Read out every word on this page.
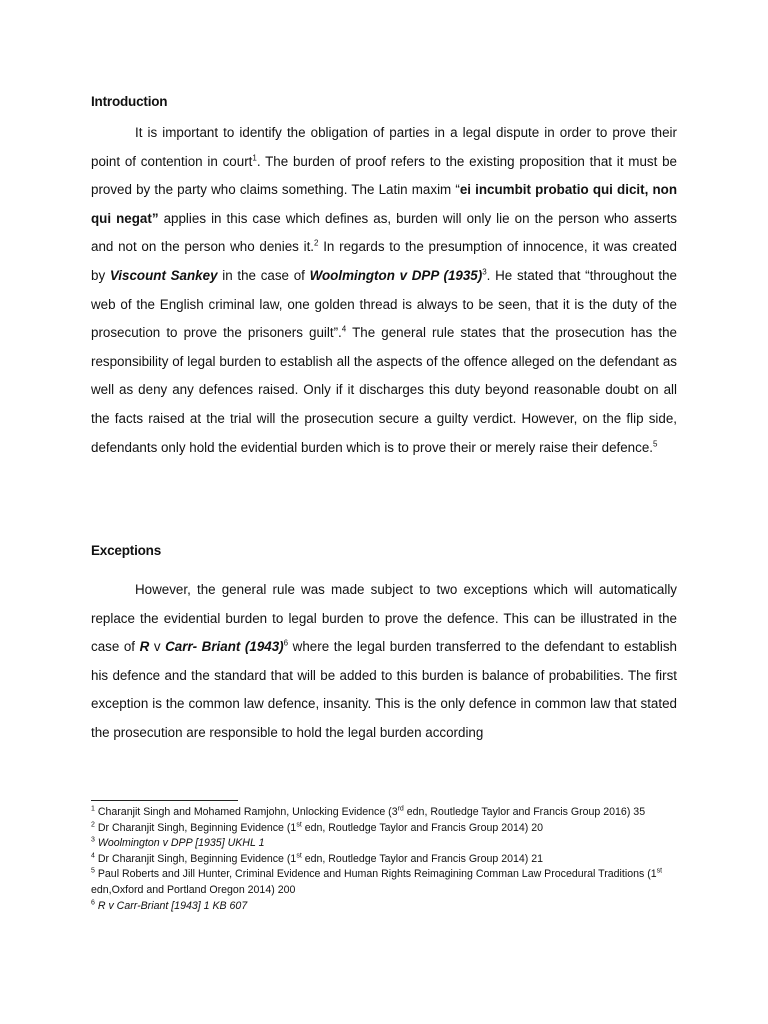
Introduction

It is important to identify the obligation of parties in a legal dispute in order to prove their point of contention in court$^1$. The burden of proof refers to the existing proposition that it must be proved by the party who claims something. The Latin maxim “ei incumbit probatio qui dicit, non qui negat” applies in this case which defines as, burden will only lie on the person who asserts and not on the person who denies it.$^2$ In regards to the presumption of innocence, it was created by Viscount Sankey in the case of Woolmington v DPP $(1935)^3$. He stated that “throughout the web of the English criminal law, one golden thread is always to be seen, that it is the duty of the prosecution to prove the prisoners guilt”.$^4$ The general rule states that the prosecution has the responsibility of legal burden to establish all the aspects of the offence alleged on the defendant as well as deny any defences raised. Only if it discharges this duty beyond reasonable doubt on all the facts raised at the trial will the prosecution secure a guilty verdict. However, on the flip side, defendants only hold the evidential burden which is to prove their or merely raise their defence.$^5$

Exceptions

However, the general rule was made subject to two exceptions which will automatically replace the evidential burden to legal burden to prove the defence. This can be illustrated in the case of R v Carr- Briant $(1943)^6$ where the legal burden transferred to the defendant to establish his defence and the standard that will be added to this burden is balance of probabilities. The first exception is the common law defence, insanity. This is the only defence in common law that stated the prosecution are responsible to hold the legal burden according

$^1$ Charanjit Singh and Mohamed Ramjohn, Unlocking Evidence (3rd edn, Routledge Taylor and Francis Group 2016) 35
$^2$ Dr Charanjit Singh, Beginning Evidence (1st edn, Routledge Taylor and Francis Group 2014) 20
$^3$ Woolmington v DPP [1935] UKHL 1
$^4$ Dr Charanjit Singh, Beginning Evidence (1st edn, Routledge Taylor and Francis Group 2014) 21
$^5$ Paul Roberts and Jill Hunter, Criminal Evidence and Human Rights Reimagining Comman Law Procedural Traditions (1st edn,Oxford and Portland Oregon 2014) 200
$^6$ R v Carr-Briant [1943] 1 KB 607
